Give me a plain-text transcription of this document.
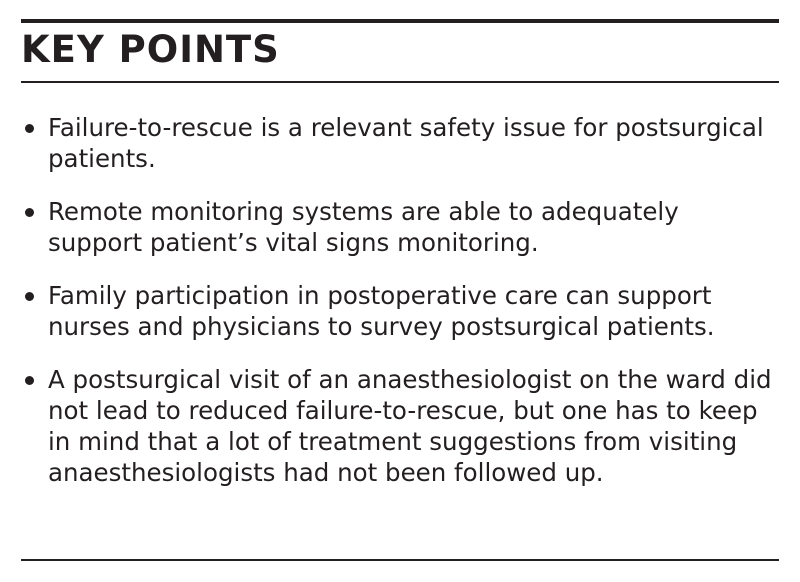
KEY POINTS
Failure-to-rescue is a relevant safety issue for postsurgical patients.
Remote monitoring systems are able to adequately support patient’s vital signs monitoring.
Family participation in postoperative care can support nurses and physicians to survey postsurgical patients.
A postsurgical visit of an anaesthesiologist on the ward did not lead to reduced failure-to-rescue, but one has to keep in mind that a lot of treatment suggestions from visiting anaesthesiologists had not been followed up.
